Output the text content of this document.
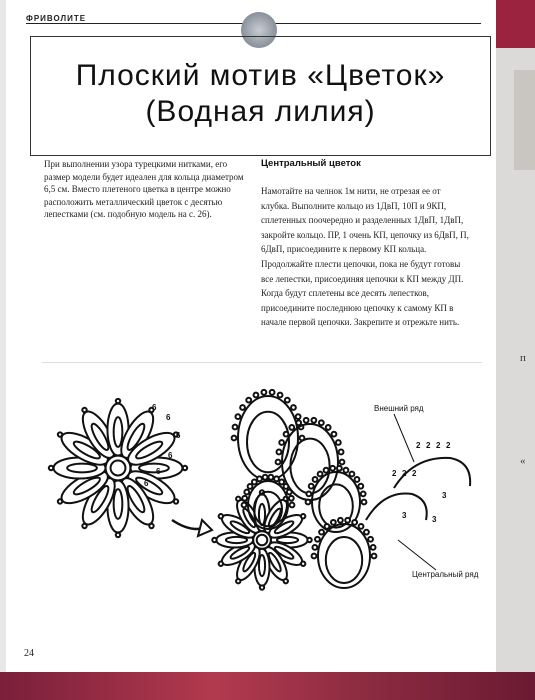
п
«
ФРИВОЛИТЕ
Плоский мотив «Цветок»
(Водная лилия)
При выполнении узора турецкими нитками, его размер модели будет идеален для кольца диаметром 6,5 см. Вместо плетеного цветка в центре можно расположить металлический цветок с десятью лепестками (см. подобную модель на с. 26).
Центральный цветок
Намотайте на челнок 1м нити, не отрезая ее от клубка. Выполните кольцо из 1ДвП, 10П и 9КП, сплетенных поочередно и разделенных 1ДвП, 1ДвП, закройте кольцо. ПР, 1 очень КП, цепочку из 6ДвП, П, 6ДвП, присоедините к первому КП кольца. Продолжайте плести цепочки, пока не будут готовы все лепестки, присоединяя цепочки к КП между ДП. Когда будут сплетены все десять лепестков, присоедините последнюю цепочку к самому КП в начале первой цепочки. Закрепите и отрежьте нить.
6
6
6
6
6
6
3	3
3
2 2 2 2
2 2 2
Внешний ряд
Центральный ряд
24
